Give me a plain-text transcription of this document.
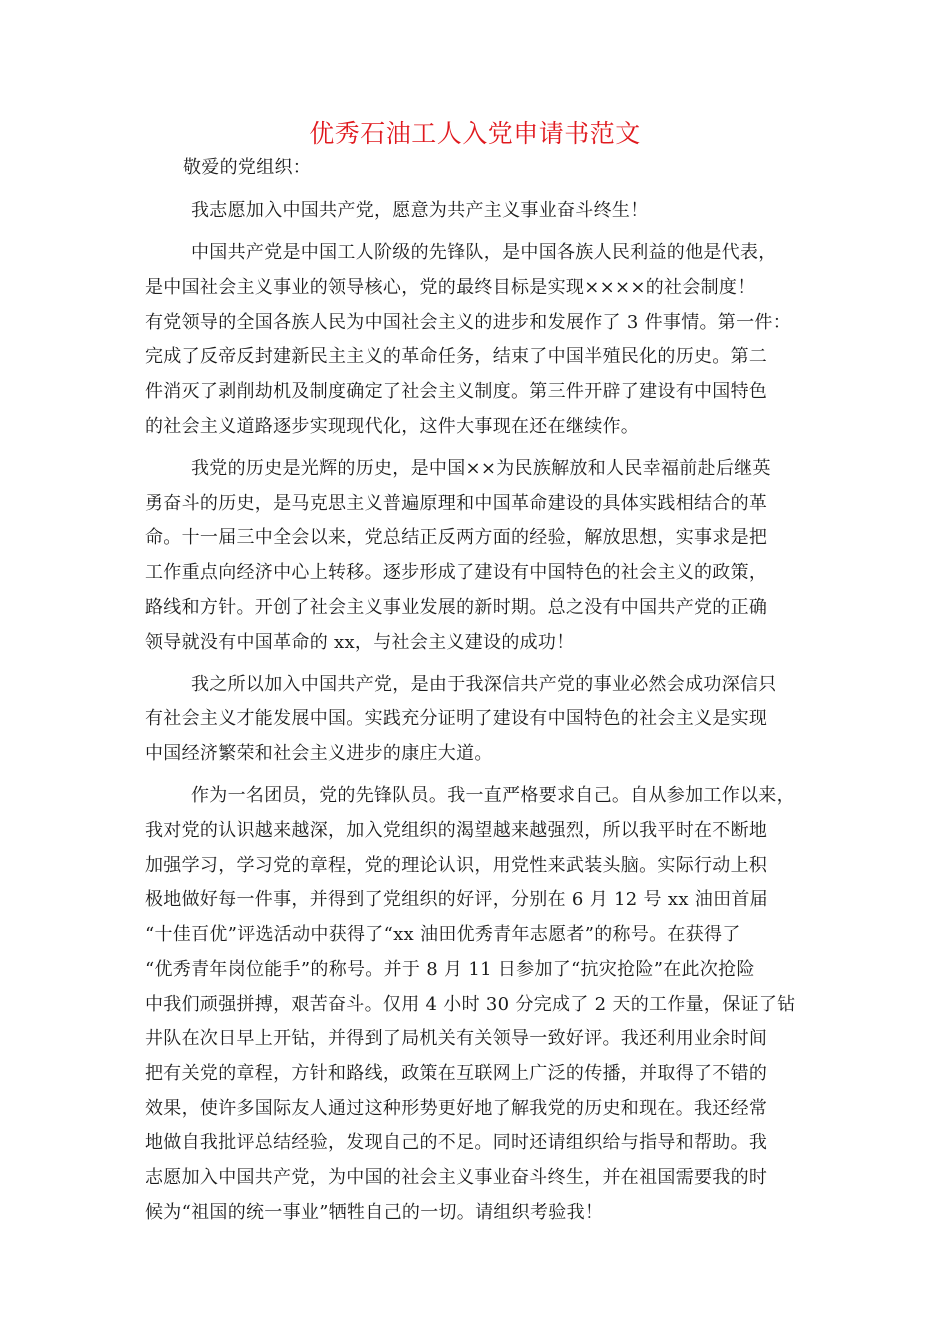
优秀石油工人入党申请书范文
敬爱的党组织：
我志愿加入中国共产党，愿意为共产主义事业奋斗终生！
中国共产党是中国工人阶级的先锋队，是中国各族人民利益的他是代表，
是中国社会主义事业的领导核心，党的最终目标是实现××××的社会制度！
有党领导的全国各族人民为中国社会主义的进步和发展作了 3 件事情。第一件：
完成了反帝反封建新民主主义的革命任务，结束了中国半殖民化的历史。第二
件消灭了剥削劫机及制度确定了社会主义制度。第三件开辟了建设有中国特色
的社会主义道路逐步实现现代化，这件大事现在还在继续作。
我党的历史是光辉的历史，是中国××为民族解放和人民幸福前赴后继英
勇奋斗的历史，是马克思主义普遍原理和中国革命建设的具体实践相结合的革
命。十一届三中全会以来，党总结正反两方面的经验，解放思想，实事求是把
工作重点向经济中心上转移。逐步形成了建设有中国特色的社会主义的政策，
路线和方针。开创了社会主义事业发展的新时期。总之没有中国共产党的正确
领导就没有中国革命的 xx，与社会主义建设的成功！
我之所以加入中国共产党，是由于我深信共产党的事业必然会成功深信只
有社会主义才能发展中国。实践充分证明了建设有中国特色的社会主义是实现
中国经济繁荣和社会主义进步的康庄大道。
作为一名团员，党的先锋队员。我一直严格要求自己。自从参加工作以来，
我对党的认识越来越深，加入党组织的渴望越来越强烈，所以我平时在不断地
加强学习，学习党的章程，党的理论认识，用党性来武装头脑。实际行动上积
极地做好每一件事，并得到了党组织的好评，分别在 6 月 12 号 xx 油田首届
“十佳百优”评选活动中获得了“xx 油田优秀青年志愿者”的称号。在获得了
“优秀青年岗位能手”的称号。并于 8 月 11 日参加了“抗灾抢险”在此次抢险
中我们顽强拼搏，艰苦奋斗。仅用 4 小时 30 分完成了 2 天的工作量，保证了钻
井队在次日早上开钻，并得到了局机关有关领导一致好评。我还利用业余时间
把有关党的章程，方针和路线，政策在互联网上广泛的传播，并取得了不错的
效果，使许多国际友人通过这种形势更好地了解我党的历史和现在。我还经常
地做自我批评总结经验，发现自己的不足。同时还请组织给与指导和帮助。我
志愿加入中国共产党，为中国的社会主义事业奋斗终生，并在祖国需要我的时
候为“祖国的统一事业”牺牲自己的一切。请组织考验我！
